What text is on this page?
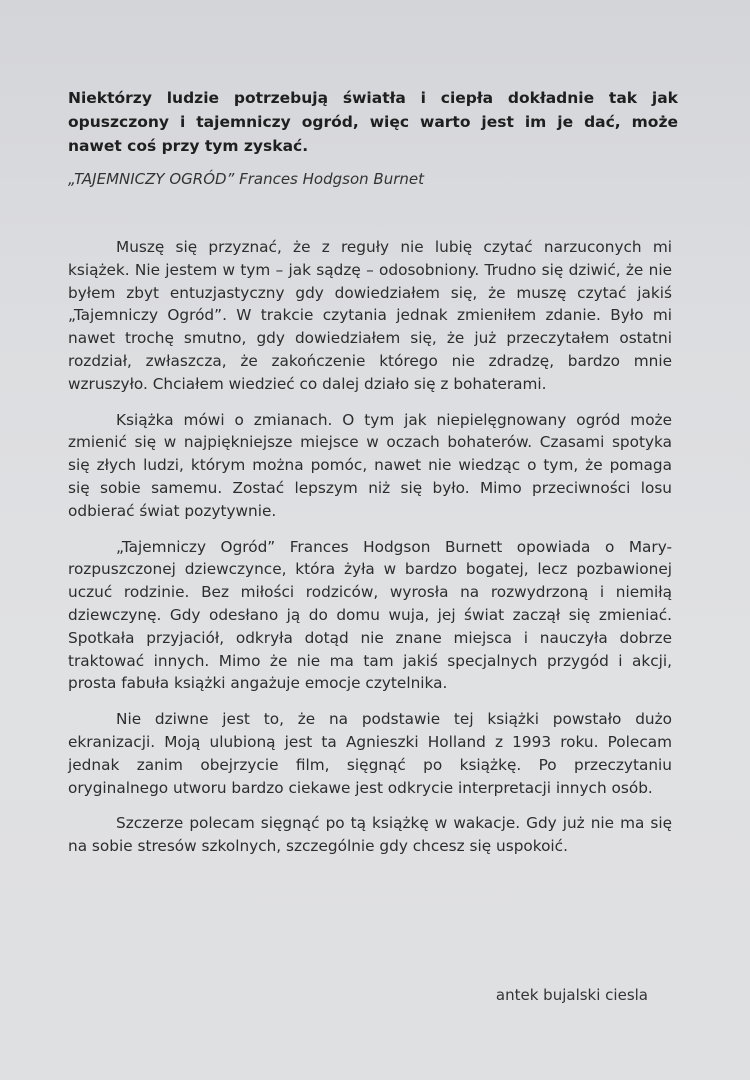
Niektórzy ludzie potrzebują światła i ciepła dokładnie tak jak opuszczony i tajemniczy ogród, więc warto jest im je dać, może nawet coś przy tym zyskać.
„TAJEMNICZY OGRÓD” Frances Hodgson Burnet

Muszę się przyznać, że z reguły nie lubię czytać narzuconych mi książek. Nie jestem w tym – jak sądzę – odosobniony. Trudno się dziwić, że nie byłem zbyt entuzjastyczny gdy dowiedziałem się, że muszę czytać jakiś „Tajemniczy Ogród”. W trakcie czytania jednak zmieniłem zdanie. Było mi nawet trochę smutno, gdy dowiedziałem się, że już przeczytałem ostatni rozdział, zwłaszcza, że zakończenie którego nie zdradzę, bardzo mnie wzruszyło. Chciałem wiedzieć co dalej działo się z bohaterami.

Książka mówi o zmianach. O tym jak niepielęgnowany ogród może zmienić się w najpiękniejsze miejsce w oczach bohaterów. Czasami spotyka się złych ludzi, którym można pomóc, nawet nie wiedząc o tym, że pomaga się sobie samemu. Zostać lepszym niż się było. Mimo przeciwności losu odbierać świat pozytywnie.

„Tajemniczy Ogród” Frances Hodgson Burnett opowiada o Mary-rozpuszczonej dziewczynce, która żyła w bardzo bogatej, lecz pozbawionej uczuć rodzinie. Bez miłości rodziców, wyrosła na rozwydrzoną i niemiłą dziewczynę. Gdy odesłano ją do domu wuja, jej świat zaczął się zmieniać. Spotkała przyjaciół, odkryła dotąd nie znane miejsca i nauczyła dobrze traktować innych. Mimo że nie ma tam jakiś specjalnych przygód i akcji, prosta fabuła książki angażuje emocje czytelnika.

Nie dziwne jest to, że na podstawie tej książki powstało dużo ekranizacji. Moją ulubioną jest ta Agnieszki Holland z 1993 roku. Polecam jednak zanim obejrzycie film, sięgnąć po książkę. Po przeczytaniu oryginalnego utworu bardzo ciekawe jest odkrycie interpretacji innych osób.

Szczerze polecam sięgnąć po tą książkę w wakacje. Gdy już nie ma się na sobie stresów szkolnych, szczególnie gdy chcesz się uspokoić.

antek bujalski ciesla
